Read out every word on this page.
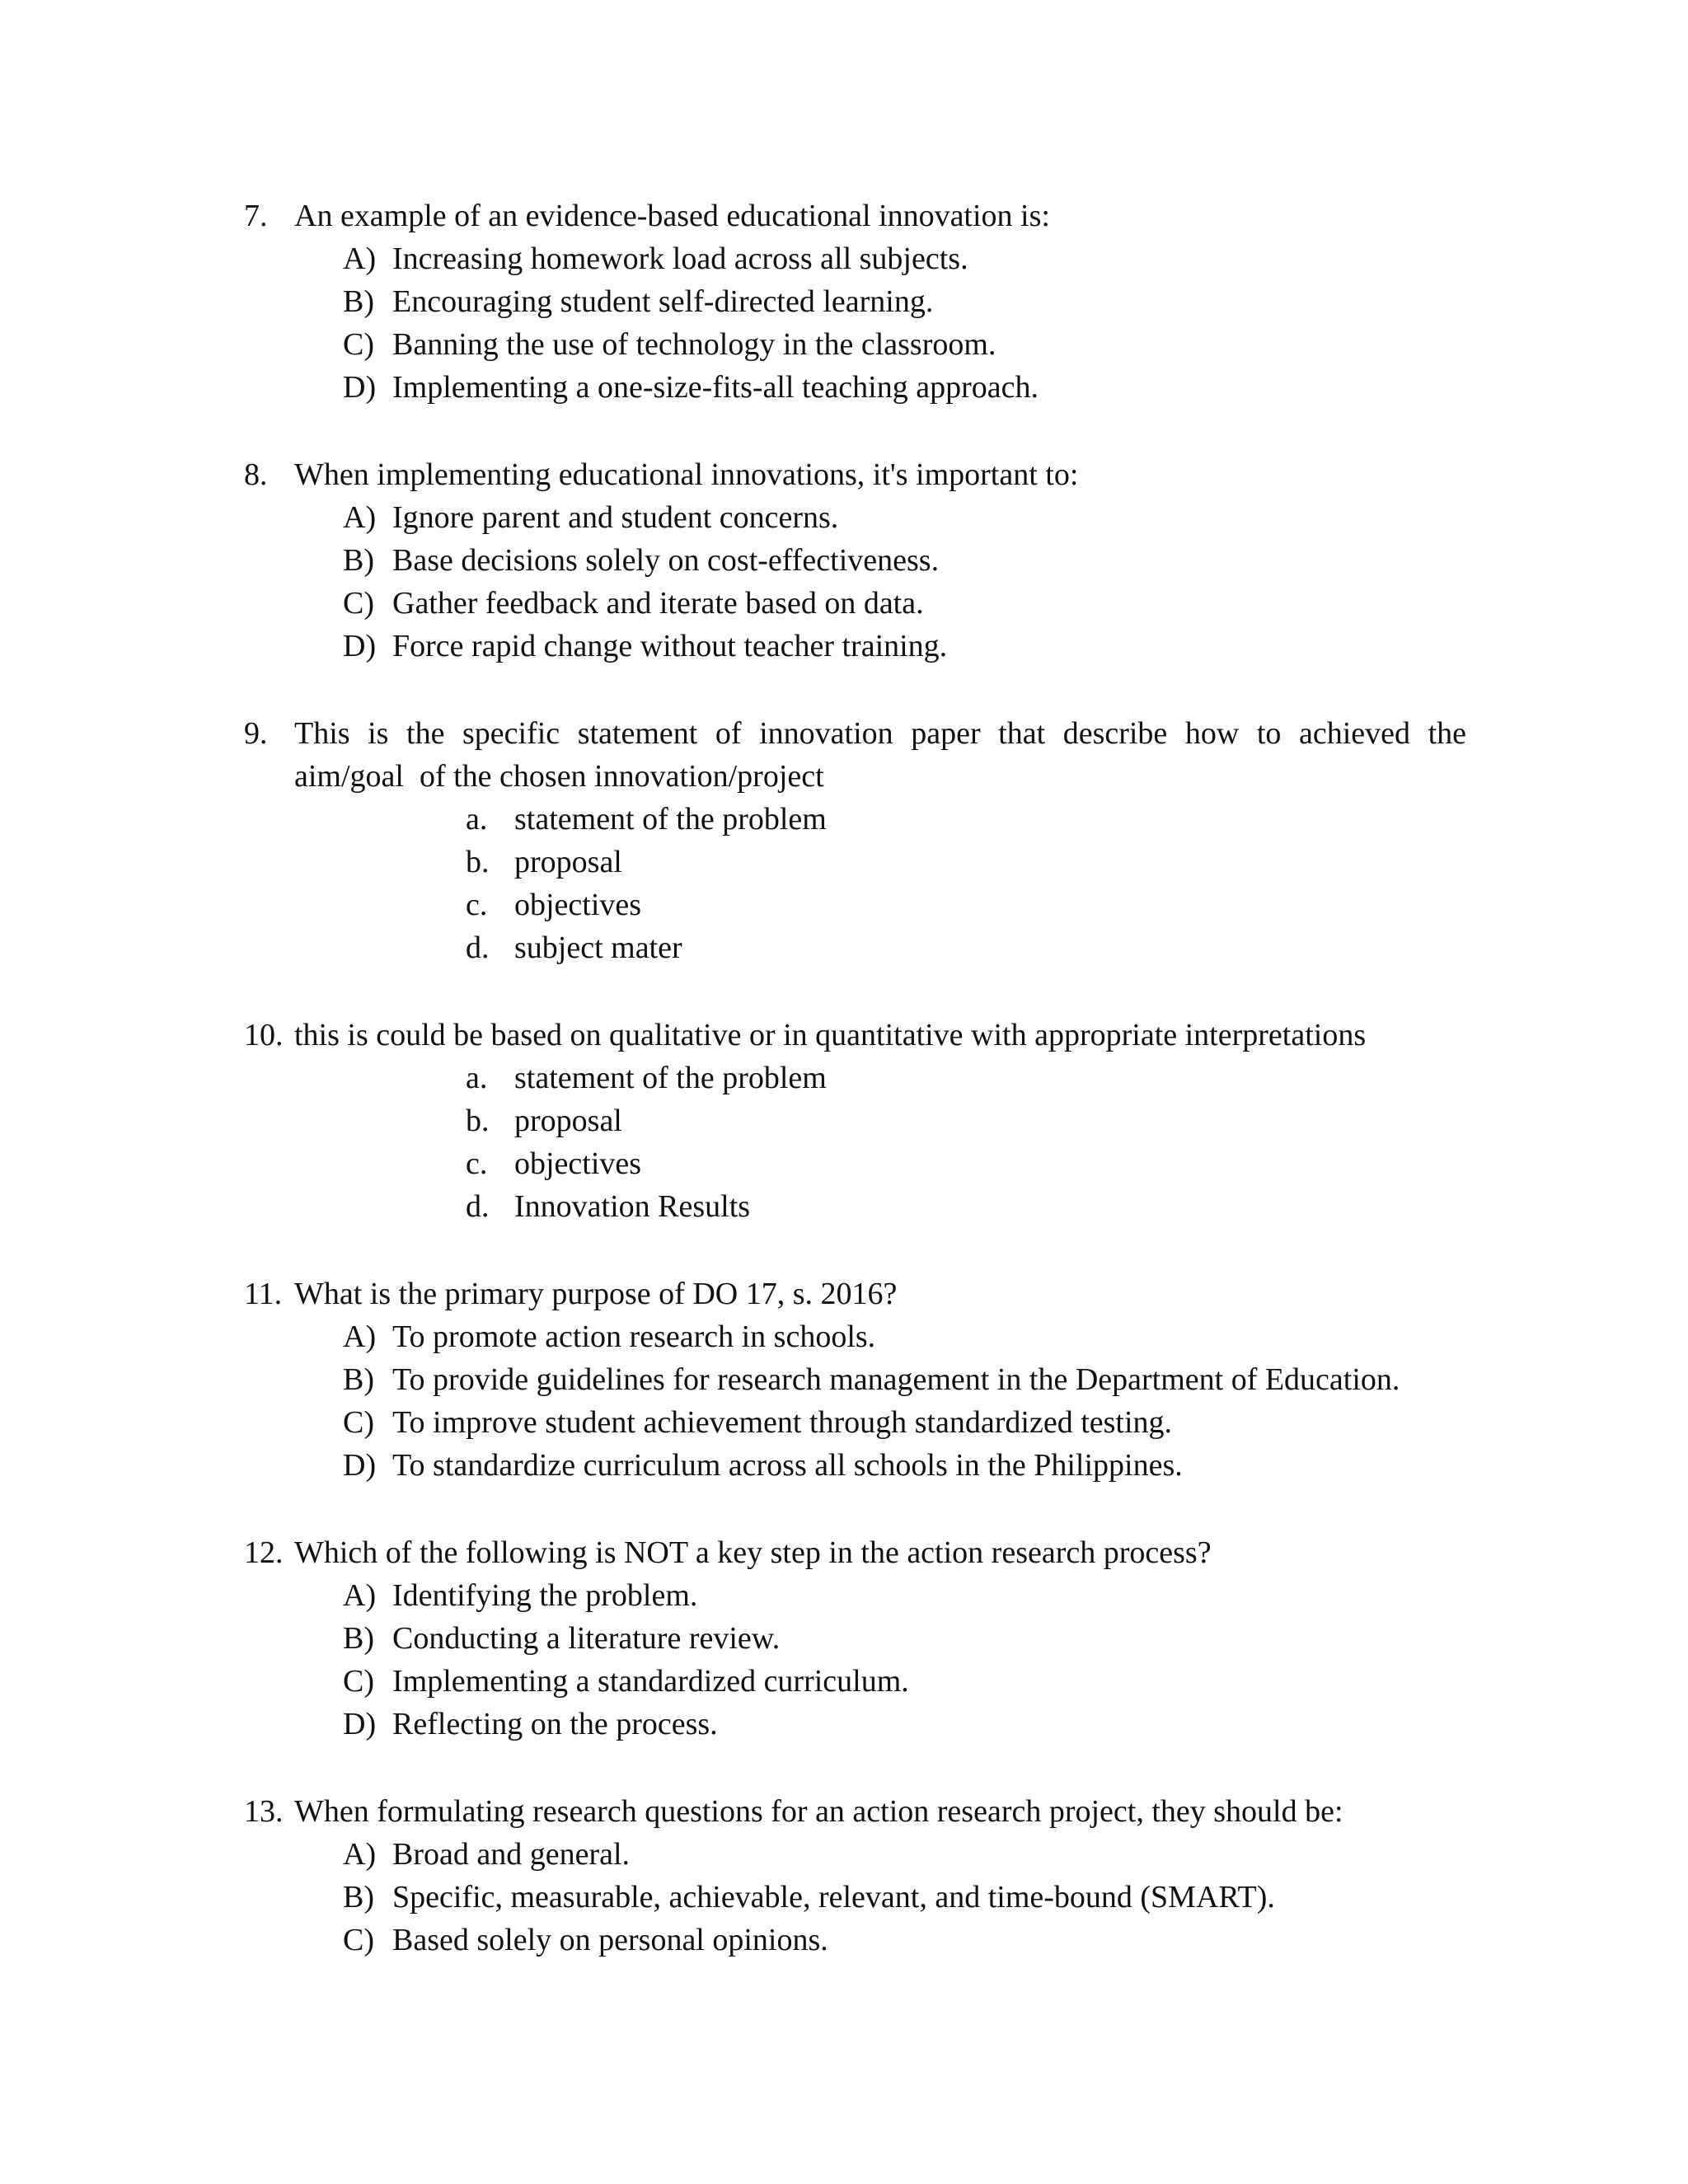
7. An example of an evidence-based educational innovation is:
A) Increasing homework load across all subjects.
B) Encouraging student self-directed learning.
C) Banning the use of technology in the classroom.
D) Implementing a one-size-fits-all teaching approach.
8. When implementing educational innovations, it's important to:
A) Ignore parent and student concerns.
B) Base decisions solely on cost-effectiveness.
C) Gather feedback and iterate based on data.
D) Force rapid change without teacher training.
9. This is the specific statement of innovation paper that describe how to achieved the
aim/goal  of the chosen innovation/project
a. statement of the problem
b. proposal
c. objectives
d. subject mater
10. this is could be based on qualitative or in quantitative with appropriate interpretations
a. statement of the problem
b. proposal
c. objectives
d. Innovation Results
11. What is the primary purpose of DO 17, s. 2016?
A) To promote action research in schools.
B) To provide guidelines for research management in the Department of Education.
C) To improve student achievement through standardized testing.
D) To standardize curriculum across all schools in the Philippines.
12. Which of the following is NOT a key step in the action research process?
A) Identifying the problem.
B) Conducting a literature review.
C) Implementing a standardized curriculum.
D) Reflecting on the process.
13. When formulating research questions for an action research project, they should be:
A) Broad and general.
B) Specific, measurable, achievable, relevant, and time-bound (SMART).
C) Based solely on personal opinions.
